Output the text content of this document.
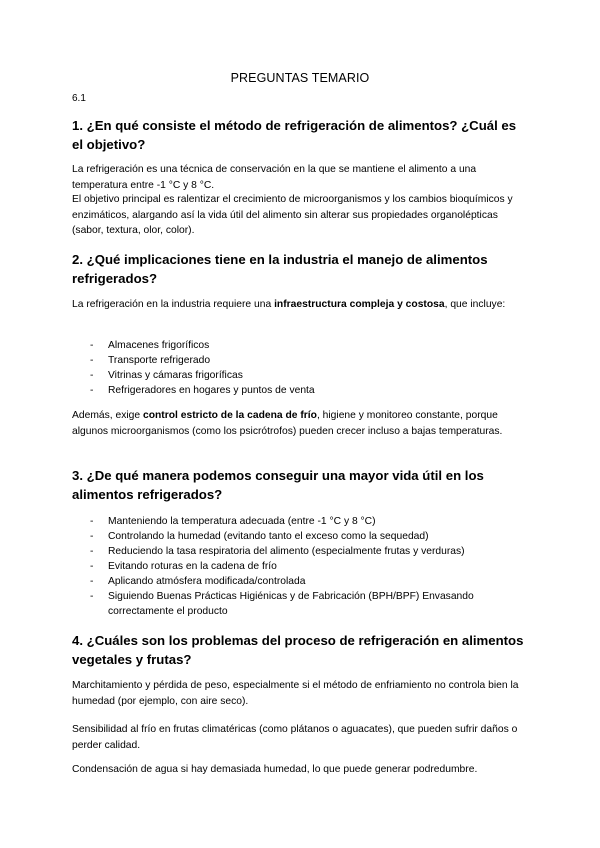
PREGUNTAS TEMARIO
6.1
1. ¿En qué consiste el método de refrigeración de alimentos? ¿Cuál es el objetivo?

La refrigeración es una técnica de conservación en la que se mantiene el alimento a una temperatura entre -1 °C y 8 °C.

El objetivo principal es ralentizar el crecimiento de microorganismos y los cambios bioquímicos y enzimáticos, alargando así la vida útil del alimento sin alterar sus propiedades organolépticas (sabor, textura, olor, color).

2. ¿Qué implicaciones tiene en la industria el manejo de alimentos refrigerados?

La refrigeración en la industria requiere una infraestructura compleja y costosa, que incluye:

- Almacenes frigoríficos
- Transporte refrigerado
- Vitrinas y cámaras frigoríficas
- Refrigeradores en hogares y puntos de venta

Además, exige control estricto de la cadena de frío, higiene y monitoreo constante, porque algunos microorganismos (como los psicrótrofos) pueden crecer incluso a bajas temperaturas.

3. ¿De qué manera podemos conseguir una mayor vida útil en los alimentos refrigerados?
- Manteniendo la temperatura adecuada (entre -1 °C y 8 °C)
- Controlando la humedad (evitando tanto el exceso como la sequedad)
- Reduciendo la tasa respiratoria del alimento (especialmente frutas y verduras)
- Evitando roturas en la cadena de frío
- Aplicando atmósfera modificada/controlada
- Siguiendo Buenas Prácticas Higiénicas y de Fabricación (BPH/BPF) Envasando correctamente el producto
4. ¿Cuáles son los problemas del proceso de refrigeración en alimentos vegetales y frutas?

Marchitamiento y pérdida de peso, especialmente si el método de enfriamiento no controla bien la humedad (por ejemplo, con aire seco).

Sensibilidad al frío en frutas climatéricas (como plátanos o aguacates), que pueden sufrir daños o perder calidad.

Condensación de agua si hay demasiada humedad, lo que puede generar podredumbre.
